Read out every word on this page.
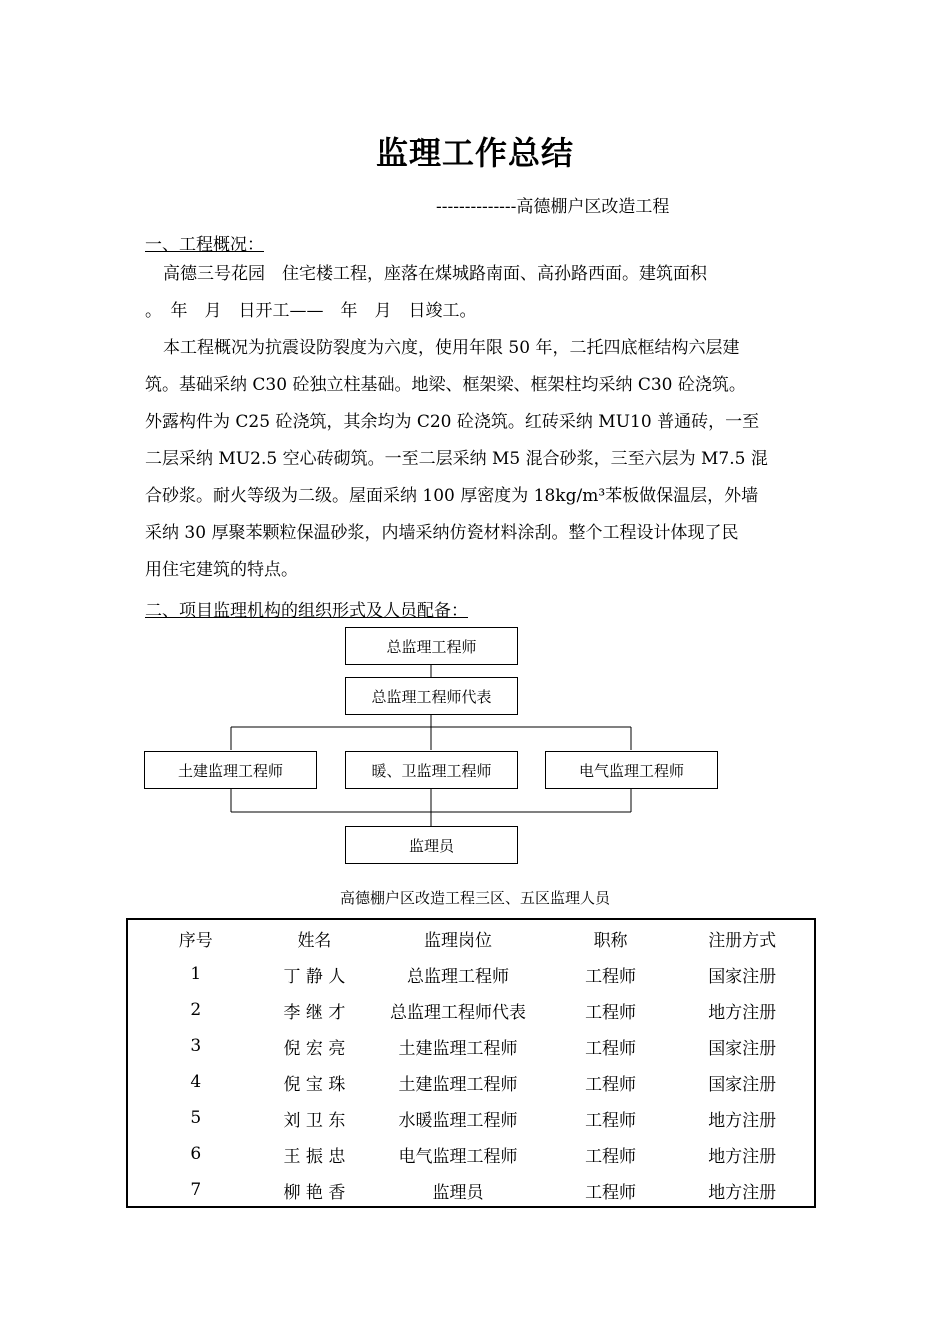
监理工作总结
--------------高德棚户区改造工程
一、工程概况：
高德三号花园　住宅楼工程，座落在煤城路南面、高孙路西面。建筑面积
。　年　月　日开工——　年　月　日竣工。
本工程概况为抗震设防裂度为六度，使用年限 50 年，二托四底框结构六层建
筑。基础采纳 C30 砼独立柱基础。地梁、框架梁、框架柱均采纳 C30 砼浇筑。
外露构件为 C25 砼浇筑，其余均为 C20 砼浇筑。红砖采纳 MU10 普通砖，一至
二层采纳 MU2.5 空心砖砌筑。一至二层采纳 M5 混合砂浆，三至六层为 M7.5 混
合砂浆。耐火等级为二级。屋面采纳 100 厚密度为 18kg/m³苯板做保温层，外墙
采纳 30 厚聚苯颗粒保温砂浆，内墙采纳仿瓷材料涂刮。整个工程设计体现了民
用住宅建筑的特点。
二、项目监理机构的组织形式及人员配备：
总监理工程师
总监理工程师代表
土建监理工程师	暖、卫监理工程师	电气监理工程师
监理员
高德棚户区改造工程三区、五区监理人员
序号	姓名	监理岗位	职称	注册方式
1	丁 静 人	总监理工程师	工程师	国家注册
2	李 继 才	总监理工程师代表	工程师	地方注册
3	倪 宏 亮	土建监理工程师	工程师	国家注册
4	倪 宝 珠	土建监理工程师	工程师	国家注册
5	刘 卫 东	水暖监理工程师	工程师	地方注册
6	王 振 忠	电气监理工程师	工程师	地方注册
7	柳 艳 香	监理员	工程师	地方注册
